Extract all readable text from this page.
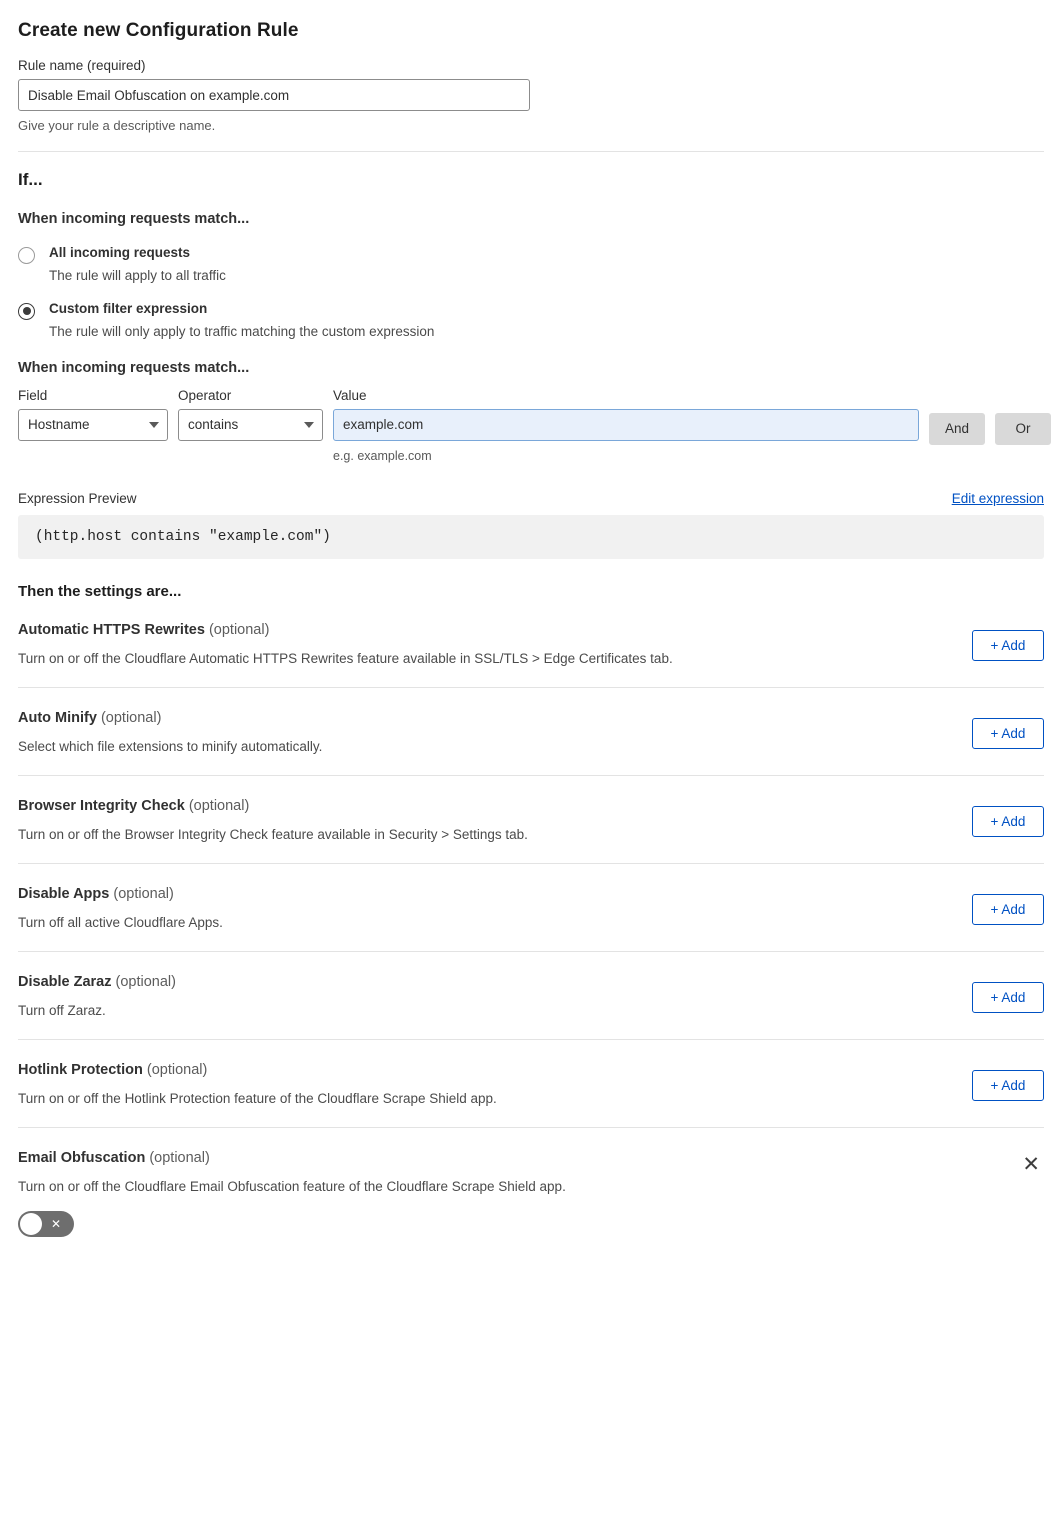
Create new Configuration Rule
Rule name (required)
Disable Email Obfuscation on example.com
Give your rule a descriptive name.
If...
When incoming requests match...
All incoming requests
The rule will apply to all traffic
Custom filter expression
The rule will only apply to traffic matching the custom expression
When incoming requests match...
Field
Hostname
Operator
contains
Value
example.com
e.g. example.com
And	Or
Expression Preview	Edit expression
(http.host contains "example.com")
Then the settings are...
Automatic HTTPS Rewrites (optional)
Turn on or off the Cloudflare Automatic HTTPS Rewrites feature available in SSL/TLS > Edge Certificates tab.
+ Add
Auto Minify (optional)
Select which file extensions to minify automatically.
+ Add
Browser Integrity Check (optional)
Turn on or off the Browser Integrity Check feature available in Security > Settings tab.
+ Add
Disable Apps (optional)
Turn off all active Cloudflare Apps.
+ Add
Disable Zaraz (optional)
Turn off Zaraz.
+ Add
Hotlink Protection (optional)
Turn on or off the Hotlink Protection feature of the Cloudflare Scrape Shield app.
+ Add
Email Obfuscation (optional)
Turn on or off the Cloudflare Email Obfuscation feature of the Cloudflare Scrape Shield app.
✕
✕
